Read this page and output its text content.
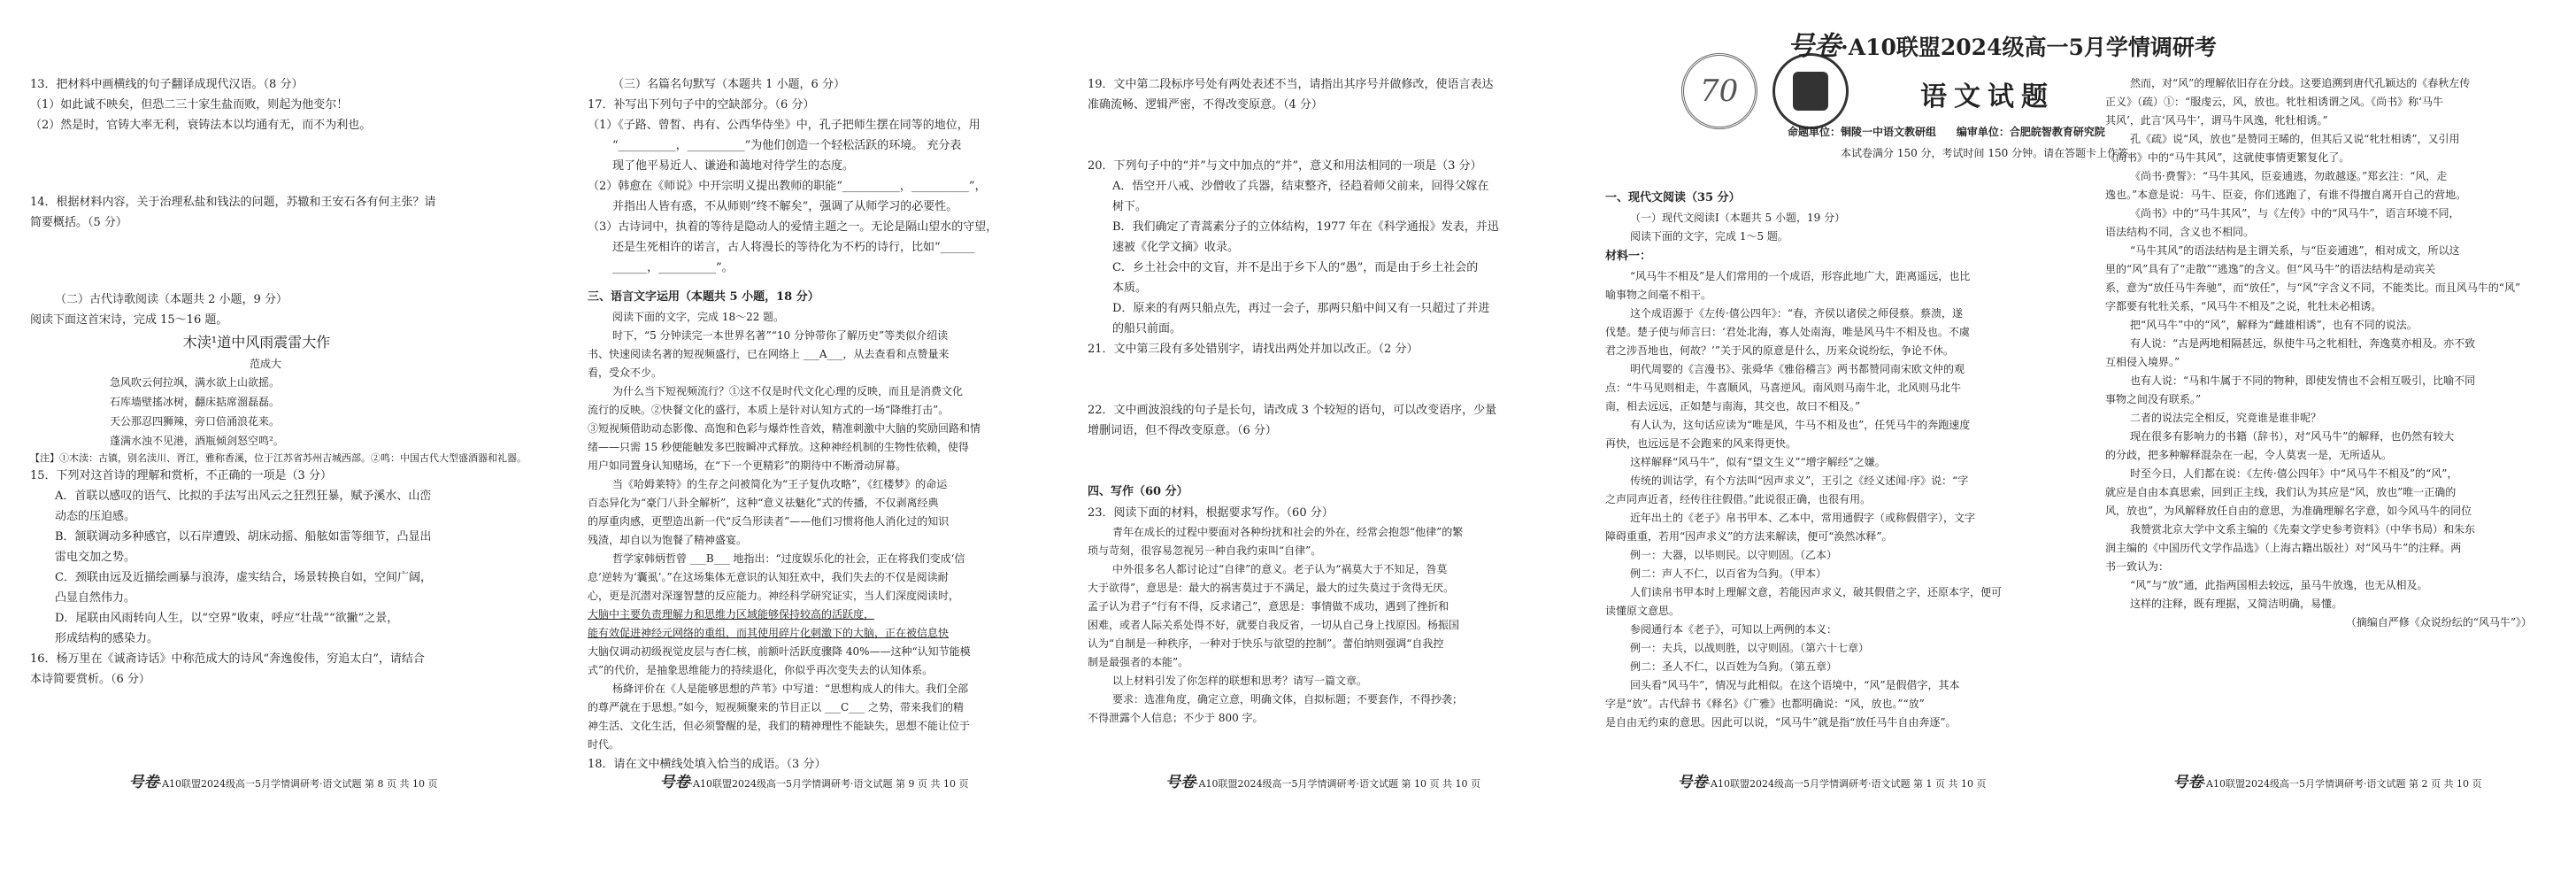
13．把材料中画横线的句子翻译成现代汉语。（8 分）
（1）如此诚不映矣，但恐二三十家生盐而败，则起为他变尔！
（2）然是时，官铸大率无利，衰铸法本以均通有无，而不为利也。
14．根据材料内容，关于治理私盐和钱法的问题，苏辙和王安石各有何主张？请
简要概括。（5 分）
（二）古代诗歌阅读（本题共 2 小题，9 分）
阅读下面这首宋诗，完成 15～16 题。
木渎¹道中风雨震雷大作
范成大
急风吹云何拉飒，满水欲上山欲摇。
石库墙壁搖冰树，翻床掂席溜磊磊。
天公那忍四狮辣，旁口倍涌浪花来。
蓬满水浊不见港，酒瓶倾剑怒空鸣²。
【注】①木渎：古镇，别名渎川、胥江，雅称香溪，位于江苏省苏州吉城西部。②鸣：中国古代大型盛酒器和礼器。
15．下列对这首诗的理解和赏析，不正确的一项是（3 分）
A．首联以感叹的语气、比拟的手法写出风云之狂烈狂暴，赋予溪水、山峦
动态的压迫感。
B．颔联调动多种感官，以石岸遭毁、胡床动摇、船舷如雷等细节，凸显出
雷电交加之势。
C．颈联由远及近描绘画暴与浪涛，虚实结合，场景转换自如，空间广阔，
凸显自然伟力。
D．尾联由风雨转向人生，以“空界”收束，呼应“壮哉”“欲撇”之景，
形成结构的感染力。
16．杨万里在《诚斋诗话》中称范成大的诗风“奔逸俊伟，穷追太白”，请结合
本诗简要赏析。（6 分）
号卷·A10联盟2024级高一5月学情调研考·语文试题 第 8 页 共 10 页
（三）名篇名句默写（本题共 1 小题，6 分）
17．补写出下列句子中的空缺部分。（6 分）
（1）《子路、曾皙、冉有、公西华侍坐》中，孔子把师生摆在同等的地位，用
“__________，__________”为他们创造一个轻松活跃的环境。 充分表
现了他平易近人、谦逊和蔼地对待学生的态度。
（2）韩愈在《师说》中开宗明义提出教师的职能“__________，__________”，
并指出人皆有惑，不从师则“终不解矣”，强调了从师学习的必要性。
（3）古诗词中，执着的等待是隐动人的爱情主题之一。无论是隔山望水的守望，
还是生死相许的诺言，古人将漫长的等待化为不朽的诗行，比如“______
______，__________”。
三、语言文字运用（本题共 5 小题，18 分）
阅读下面的文字，完成 18～22 题。
时下，“5 分钟读完一本世界名著”“10 分钟带你了解历史”等类似介绍读
书、快速阅读名著的短视频盛行，已在网络上 ___A___，从去查看和点赞量来
看，受众不少。
为什么当下短视频流行？①这不仅是时代文化心理的反映，而且是消费文化
流行的反映。②快餐文化的盛行，本质上是针对认知方式的一场“降维打击”。
③短视频借助动态影像、高饱和色彩与爆炸性音效，精准刺激中大脑的奖励回路和情
绪——只需 15 秒便能触发多巴胺瞬冲式释放。这种神经机制的生物性依赖，使得
用户如同置身认知赌场，在“下一个更精彩”的期待中不断滑动屏幕。
当《哈姆莱特》的生存之问被简化为“王子复仇攻略”，《红楼梦》的命运
百态异化为“豪门八卦全解析”，这种“意义祛魅化”式的传播，不仅剥离经典
的厚重肉感，更塑造出新一代“反刍形读者”——他们习惯将他人消化过的知识
残渣，却自以为饱餐了精神盛宴。
哲学家韩炳哲曾 ___B___ 地指出：“过度娱乐化的社会，正在将我们变成‘信
息’逆转为‘囊虱’。”在这场集体无意识的认知狂欢中，我们失去的不仅是阅读耐
心，更是沉潜对深邃智慧的反应能力。神经科学研究证实，当人们深度阅读时，
大脑中主要负责理解力和思维力区域能够保持较高的活跃度，
能有效促进神经元网络的重组，而其使用碎片化刺激下的大脑，正在被信息快
大脑仅调动初级视觉皮层与杏仁核，前额叶活跃度骤降 40%——这种“认知节能模
式”的代价，是抽象思维能力的持续退化，你似乎再次变失去的认知体系。
杨絳评价在《人是能够思想的芦苇》中写道：“思想构成人的伟大。我们全部
的尊严就在于思想。”如今，短视频聚来的节目正以 ___C___ 之势，带来我们的精
神生活、文化生活，但必须警醒的是，我们的精神理性不能缺失，思想不能让位于
时代。
18．请在文中横线处填入恰当的成语。（3 分）
号卷·A10联盟2024级高一5月学情调研考·语文试题 第 9 页 共 10 页
19．文中第二段标序号处有两处表述不当，请指出其序号并做修改，使语言表达
准确流畅、逻辑严密，不得改变原意。（4 分）
20．下列句子中的“并”与文中加点的“并”，意义和用法相同的一项是（3 分）
A．悟空开八戒、沙僧收了兵器，结束整齐，径趋着师父前来，回得父嫁在
树下。
B．我们确定了青蒿素分子的立体结构，1977 年在《科学通报》发表，并迅
速被《化学文摘》收录。
C．乡土社会中的文盲，并不是出于乡下人的“愚”，而是由于乡土社会的
本质。
D．原来的有两只船点先，再过一会子，那两只船中间又有一只超过了并进
的船只前面。
21．文中第三段有多处错别字，请找出两处并加以改正。（2 分）
22．文中画波浪线的句子是长句，请改成 3 个较短的语句，可以改变语序，少量
增删词语，但不得改变原意。（6 分）
四、写作（60 分）
23．阅读下面的材料，根据要求写作。（60 分）
青年在成长的过程中要面对各种纷扰和社会的外在，经常会抱怨“他律”的繁
琐与苛刻，很容易忽视另一种自我约束叫“自律”。
中外很多名人都讨论过“自律”的意义。老子认为“祸莫大于不知足，咎莫
大于欲得”，意思是：最大的祸害莫过于不满足，最大的过失莫过于贪得无厌。
孟子认为君子“行有不得，反求诸己”，意思是：事情做不成功，遇到了挫折和
困难，或者人际关系处得不好，就要自我反省，一切从自己身上找原因。杨振国
认为“自制是一种秩序，一种对于快乐与欲望的控制”。蕾伯纳则强调“自我控
制是最强者的本能”。
以上材料引发了你怎样的联想和思考？请写一篇文章。
要求：选准角度，确定立意，明确文体，自拟标题；不要套作，不得抄袭；
不得泄露个人信息；不少于 800 字。
号卷·A10联盟2024级高一5月学情调研考·语文试题 第 10 页 共 10 页
70

号卷·A10联盟2024级高一5月学情调研考
语文试题
命题单位：铜陵一中语文教研组 编审单位：合肥皖智教育研究院
本试卷满分 150 分，考试时间 150 分钟。请在答题卡上作答。
一、现代文阅读（35 分）
（一）现代文阅读Ⅰ（本题共 5 小题，19 分）
阅读下面的文字，完成 1～5 题。
材料一：
“风马牛不相及”是人们常用的一个成语，形容此地广大，距离遥远，也比
喻事物之间毫不相干。
这个成语源于《左传·僖公四年》：“春，齐侯以诸侯之师侵蔡。蔡溃，遂
伐楚。楚子使与师言曰：‘君处北海，寡人处南海，唯是风马牛不相及也。不虞
君之涉吾地也，何故？’”关于风的原意是什么，历来众说纷纭，争论不休。
明代周婴的《言漫书》、张舜华《雅俗稽言》两书都赞同南宋欧文仲的观
点：“牛马见则相走，牛喜顺风，马喜逆风。南风则马南牛北，北风则马北牛
南，相去远远，正如楚与南海，其交也，故曰不相及。”
有人认为，这句话应读为“唯是风，牛马不相及也”，任凭马牛的奔跑速度
再快，也远远是不会跑来的风来得更快。
这样解释“风马牛”，似有“望文生义”“增字解经”之嫌。
传统的训诂学，有个方法叫“因声求义”，王引之《经义述闻·序》说：“字
之声同声近者，经传往往假借。”此说很正确，也很有用。
近年出土的《老子》帛书甲本、乙本中，常用通假字（或称假借字），文字
障碍重重，若用“因声求义”的方法来解读，便可“涣然冰释”。
例一：大器，以毕则民。以守则固。（乙本）
例二：声人不仁，以百省为刍狗。（甲本）
人们读帛书甲本时上理解文意，若能因声求义，破其假借之字，还原本字，便可
读懂原文意思。
参阅通行本《老子》，可知以上两例的本义：
例一：夫兵，以战则胜，以守则固。（第六十七章）
例二：圣人不仁，以百姓为刍狗。（第五章）
回头看“风马牛”，情况与此相似。在这个语境中，“风”是假借字，其本
字是“放”。古代辞书《释名》《广雅》也都明确说：“风，放也。”“放”
是自由无约束的意思。因此可以说，“风马牛”就是指“放任马牛自由奔逐”。
号卷·A10联盟2024级高一5月学情调研考·语文试题 第 1 页 共 10 页
然而，对“风”的理解依旧存在分歧。这要追溯到唐代孔颖达的《春秋左传
正义》（疏）①：“服虔云，风，放也。牝牡相诱谓之风。《尚书》称‘马牛
其风’，此言‘风马牛’，谓马牛风逸，牝牡相诱。”
孔《疏》说“风，放也”是赞同王晞的，但其后又说“牝牡相诱”，又引用
《尚书》中的“马牛其风”，这就使事情更繁复化了。
《尚书·费誓》：“马牛其风，臣妾逋逃，勿敢越逐。”郑玄注：“风，走
逸也。”本意是说：马牛、臣妾，你们逃跑了，有谁不得擅自离开自己的营地。
《尚书》中的“马牛其风”，与《左传》中的“风马牛”，语言环境不同，
语法结构不同，含义也不相同。
“马牛其风”的语法结构是主谓关系，与“臣妾逋逃”，相对成文，所以这
里的“风”具有了“走散”“逃逸”的含义。但“风马牛”的语法结构是动宾关
系，意为“放任马牛奔驰”，而“放任”，与“风”字含义不同，不能类比。而且风马牛的“风”
字都要有牝牡关系，“风马牛不相及”之说，牝牡未必相诱。
把“风马牛”中的“风”，解释为“雌雄相诱”，也有不同的说法。
有人说：“古是两地相隔甚远，纵使牛马之牝相牡，奔逸莫亦相及。亦不致
互相侵入境界。”
也有人说：“马和牛属于不同的物种，即使发情也不会相互吸引，比喻不同
事物之间没有联系。”
二者的说法完全相反，究竟谁是谁非呢？
现在很多有影响力的书籍（辞书），对“风马牛”的解释，也仍然有较大
的分歧，把多种解释混杂在一起，令人莫衷一是，无所适从。
时至今日，人们都在说：《左传·僖公四年》中“风马牛不相及”的“风”，
就应是自由本真思索，回到正主线，我们认为其应是“风，放也”唯一正确的
风，放也”，为风解释放任自由的意思，为准确理解名字意，如今风马牛的同位
我赞赏北京大学中文系主编的《先秦文学史参考资料》（中华书局）和朱东
润主编的《中国历代文学作品选》（上海古籍出版社）对“风马牛”的注释。两
书一致认为：
“风”与“放”通，此指两国相去较远，虽马牛放逸，也无从相及。
这样的注释，既有理据，又简洁明确，易懂。
（摘编自严修《众说纷纭的“风马牛”》）
号卷·A10联盟2024级高一5月学情调研考·语文试题 第 2 页 共 10 页
